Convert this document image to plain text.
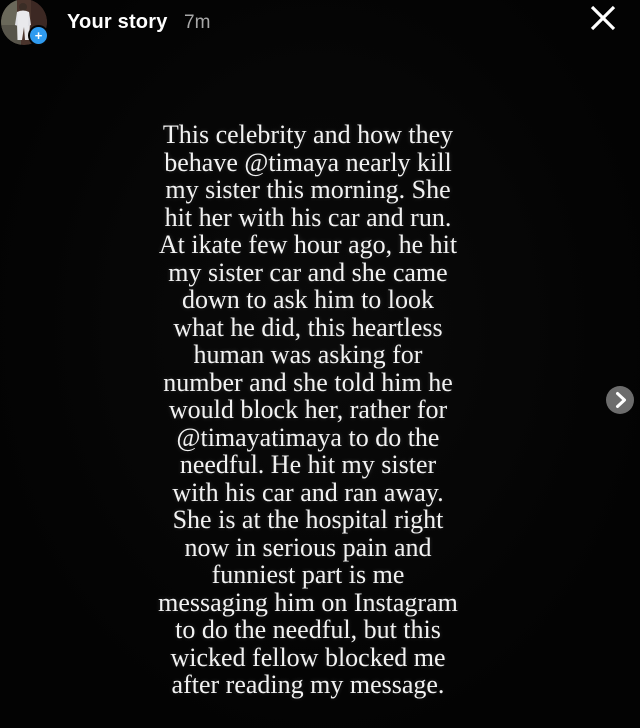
+
Your story 7m
This celebrity and how they
behave @timaya nearly kill
my sister this morning. She
hit her with his car and run.
At ikate few hour ago, he hit
my sister car and she came
down to ask him to look
what he did, this heartless
human was asking for
number and she told him he
would block her, rather for
@timayatimaya to do the
needful. He hit my sister
with his car and ran away.
She is at the hospital right
now in serious pain and
funniest part is me
messaging him on Instagram
to do the needful, but this
wicked fellow blocked me
after reading my message.
